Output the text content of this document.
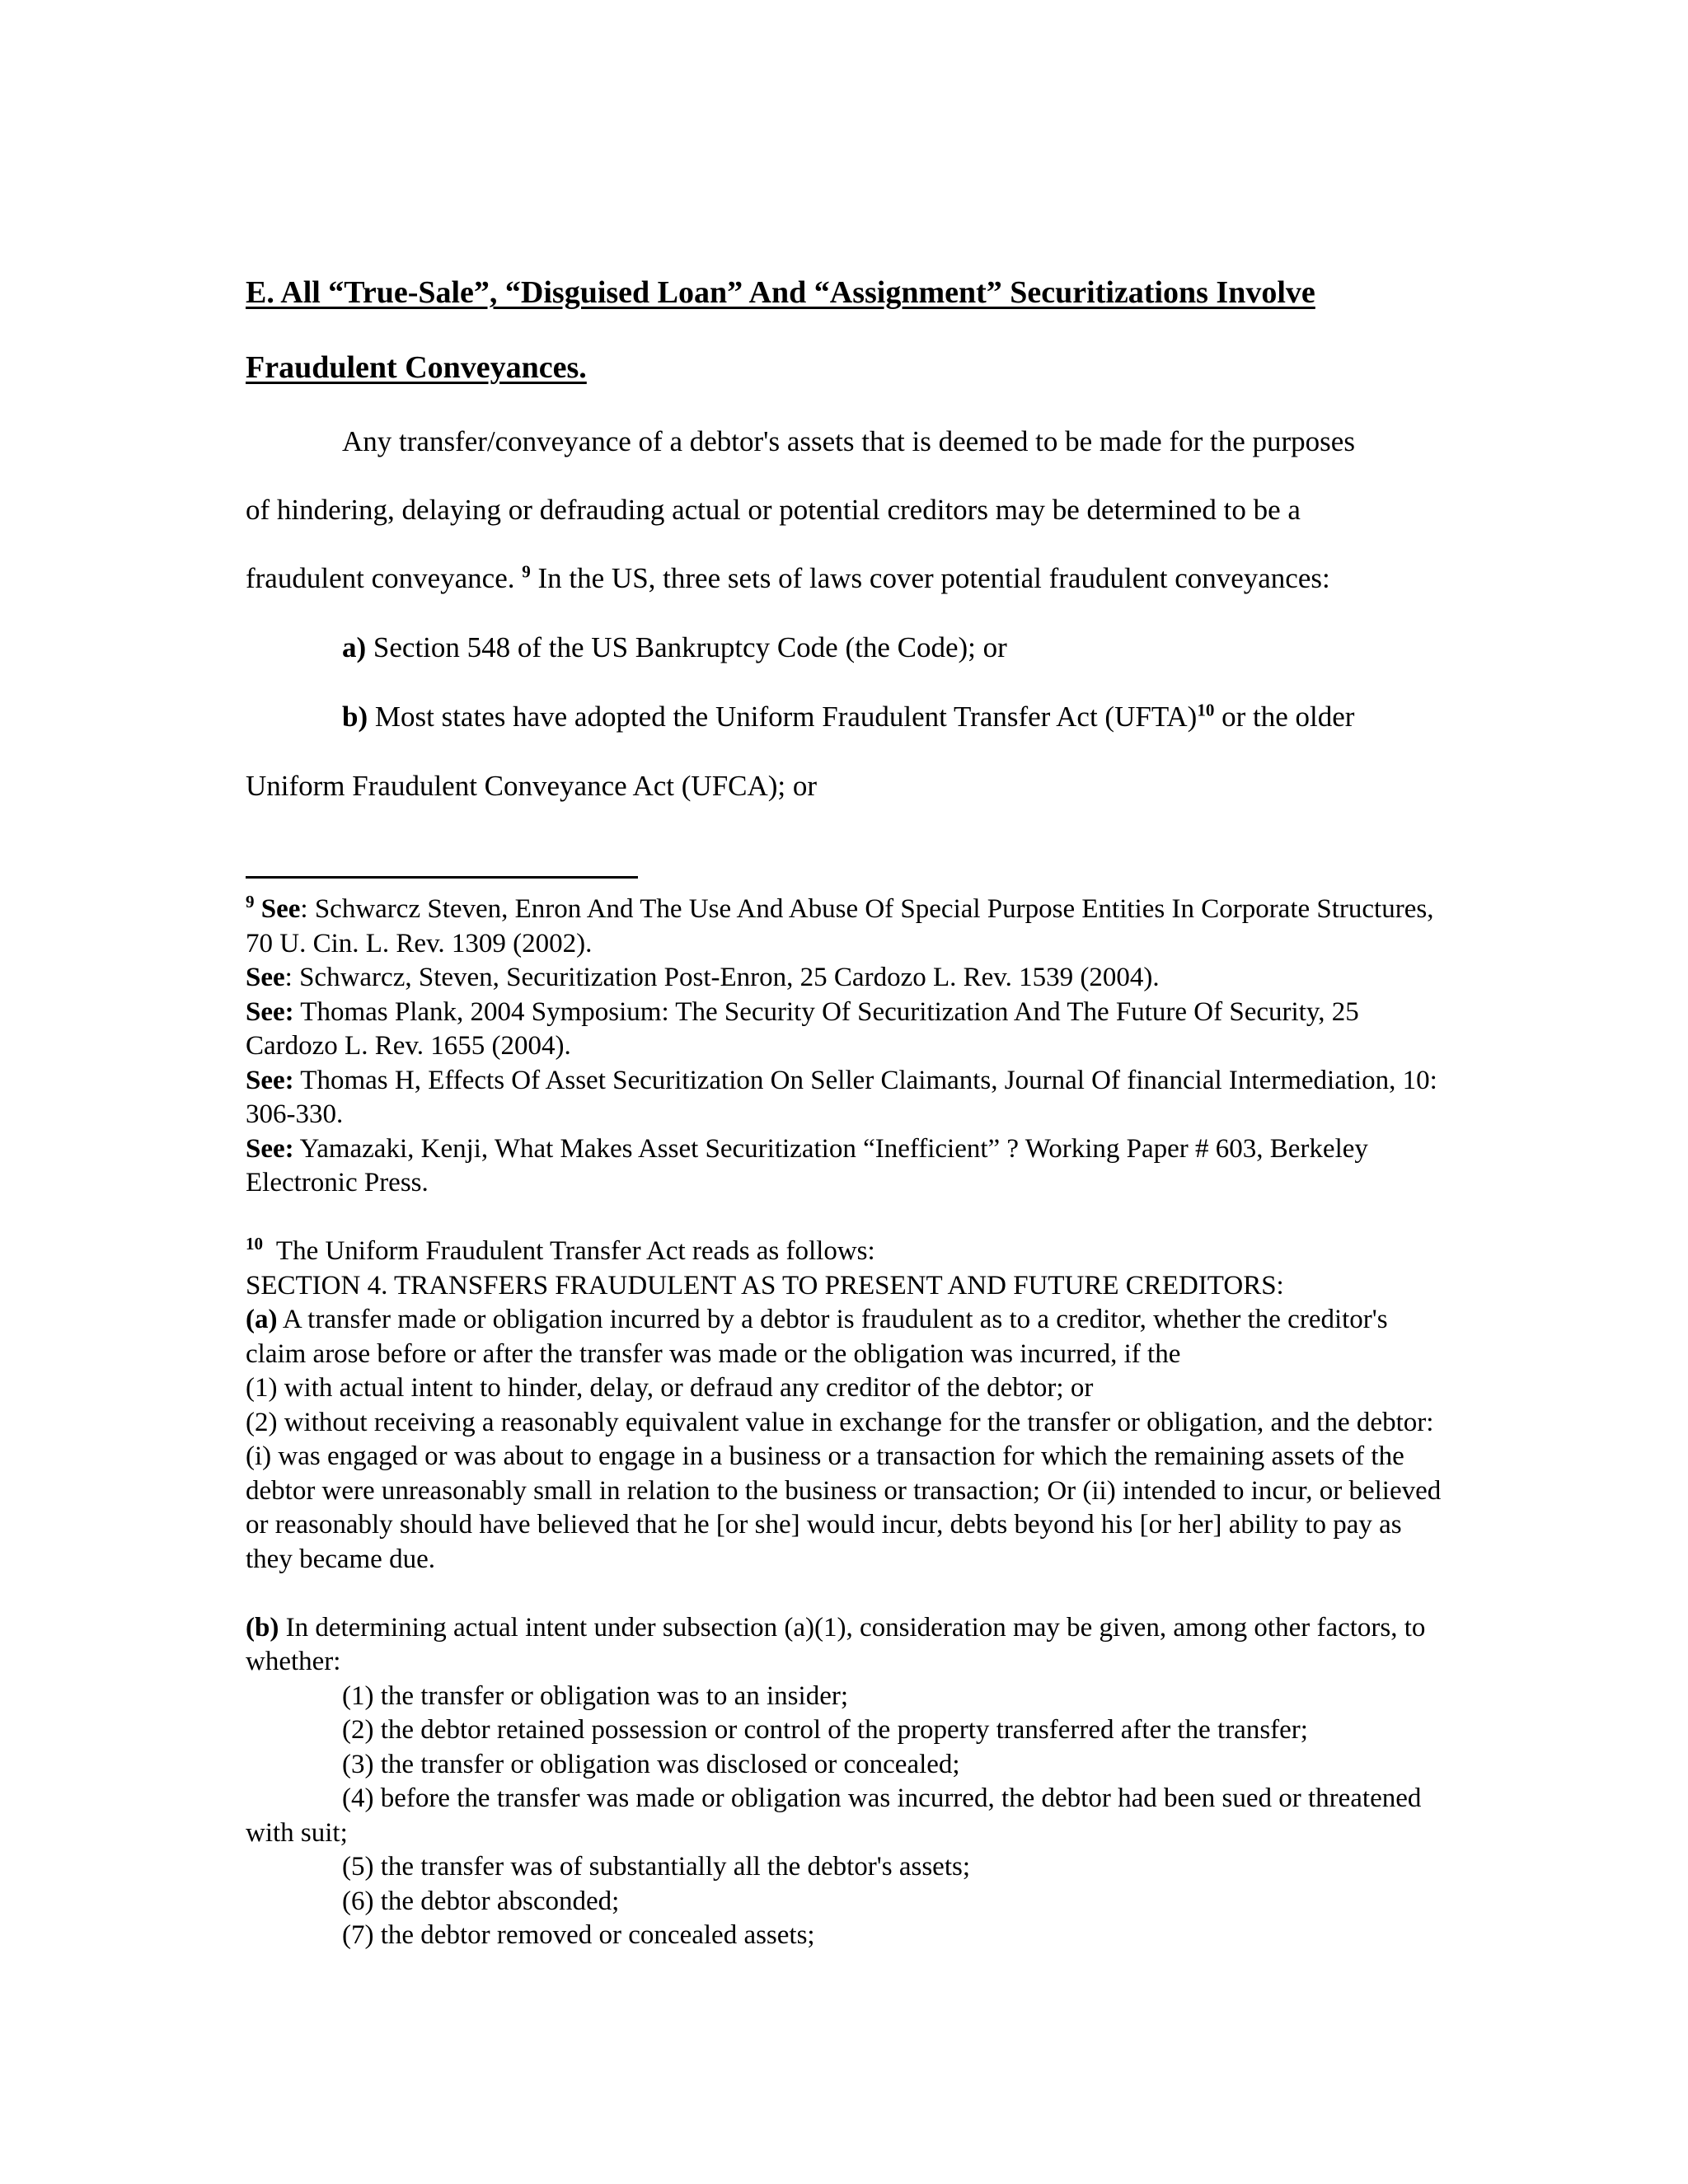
E. All “True-Sale”, “Disguised Loan” And “Assignment” Securitizations Involve
Fraudulent Conveyances.
Any transfer/conveyance of a debtor's assets that is deemed to be made for the purposes
of hindering, delaying or defrauding actual or potential creditors may be determined to be a
fraudulent conveyance. $^9$ In the US, three sets of laws cover potential fraudulent conveyances:
a) Section 548 of the US Bankruptcy Code (the Code); or
b) Most states have adopted the Uniform Fraudulent Transfer Act (UFTA)$^{10}$ or the older
Uniform Fraudulent Conveyance Act (UFCA); or

$^9$ See: Schwarcz Steven, Enron And The Use And Abuse Of Special Purpose Entities In Corporate Structures, 70 U. Cin. L. Rev. 1309 (2002).

See: Schwarcz, Steven, Securitization Post-Enron, 25 Cardozo L. Rev. 1539 (2004).

See: Thomas Plank, 2004 Symposium: The Security Of Securitization And The Future Of Security, 25 Cardozo L. Rev. 1655 (2004).

See: Thomas H, Effects Of Asset Securitization On Seller Claimants, Journal Of financial Intermediation, 10: 306-330.

See: Yamazaki, Kenji, What Makes Asset Securitization “Inefficient” ? Working Paper # 603, Berkeley Electronic Press.

$^{10}$ The Uniform Fraudulent Transfer Act reads as follows:

SECTION 4. TRANSFERS FRAUDULENT AS TO PRESENT AND FUTURE CREDITORS:

(a) A transfer made or obligation incurred by a debtor is fraudulent as to a creditor, whether the creditor's claim arose before or after the transfer was made or the obligation was incurred, if the

(1) with actual intent to hinder, delay, or defraud any creditor of the debtor; or

(2) without receiving a reasonably equivalent value in exchange for the transfer or obligation, and the debtor: (i) was engaged or was about to engage in a business or a transaction for which the remaining assets of the debtor were unreasonably small in relation to the business or transaction; Or (ii) intended to incur, or believed or reasonably should have believed that he [or she] would incur, debts beyond his [or her] ability to pay as they became due.

(b) In determining actual intent under subsection (a)(1), consideration may be given, among other factors, to whether:

(1) the transfer or obligation was to an insider;

(2) the debtor retained possession or control of the property transferred after the transfer;

(3) the transfer or obligation was disclosed or concealed;

(4) before the transfer was made or obligation was incurred, the debtor had been sued or threatened with suit;

(5) the transfer was of substantially all the debtor's assets;

(6) the debtor absconded;

(7) the debtor removed or concealed assets;
